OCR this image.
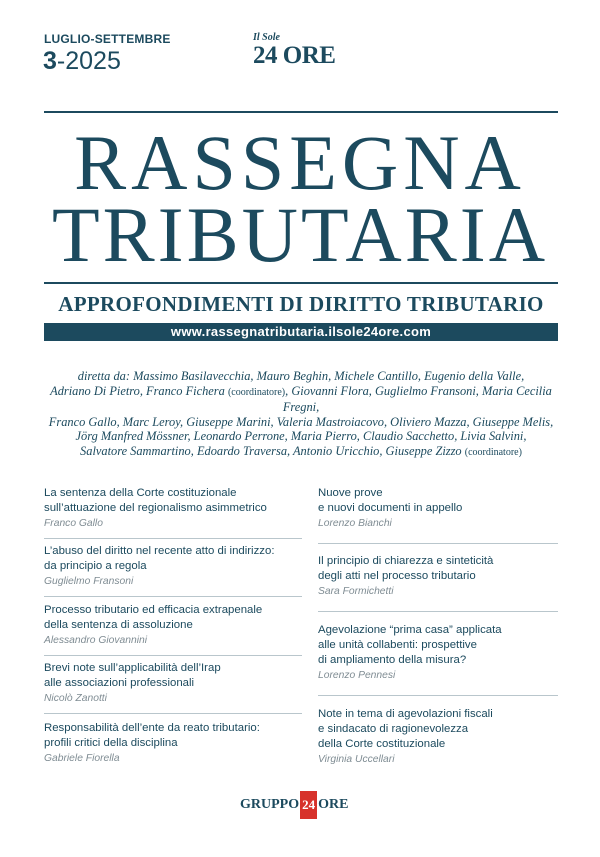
LUGLIO-SETTEMBRE
3-2025
Il Sole
24 ORE
RASSEGNA
TRIBUTARIA
APPROFONDIMENTI DI DIRITTO TRIBUTARIO
www.rassegnatributaria.ilsole24ore.com
diretta da: Massimo Basilavecchia, Mauro Beghin, Michele Cantillo, Eugenio della Valle,
Adriano Di Pietro, Franco Fichera (coordinatore), Giovanni Flora, Guglielmo Fransoni, Maria Cecilia Fregni,
Franco Gallo, Marc Leroy, Giuseppe Marini, Valeria Mastroiacovo, Oliviero Mazza, Giuseppe Melis,
Jörg Manfred Mössner, Leonardo Perrone, Maria Pierro, Claudio Sacchetto, Livia Salvini,
Salvatore Sammartino, Edoardo Traversa, Antonio Uricchio, Giuseppe Zizzo (coordinatore)
La sentenza della Corte costituzionale
sull’attuazione del regionalismo asimmetrico
Franco Gallo
L’abuso del diritto nel recente atto di indirizzo:
da principio a regola
Guglielmo Fransoni
Processo tributario ed efficacia extrapenale
della sentenza di assoluzione
Alessandro Giovannini
Brevi note sull’applicabilità dell’Irap
alle associazioni professionali
Nicolò Zanotti
Responsabilità dell’ente da reato tributario:
profili critici della disciplina
Gabriele Fiorella
Nuove prove
e nuovi documenti in appello
Lorenzo Bianchi
Il principio di chiarezza e sinteticità
degli atti nel processo tributario
Sara Formichetti
Agevolazione “prima casa” applicata
alle unità collabenti: prospettive
di ampliamento della misura?
Lorenzo Pennesi
Note in tema di agevolazioni fiscali
e sindacato di ragionevolezza
della Corte costituzionale
Virginia Uccellari
GRUPPO 24 ORE
